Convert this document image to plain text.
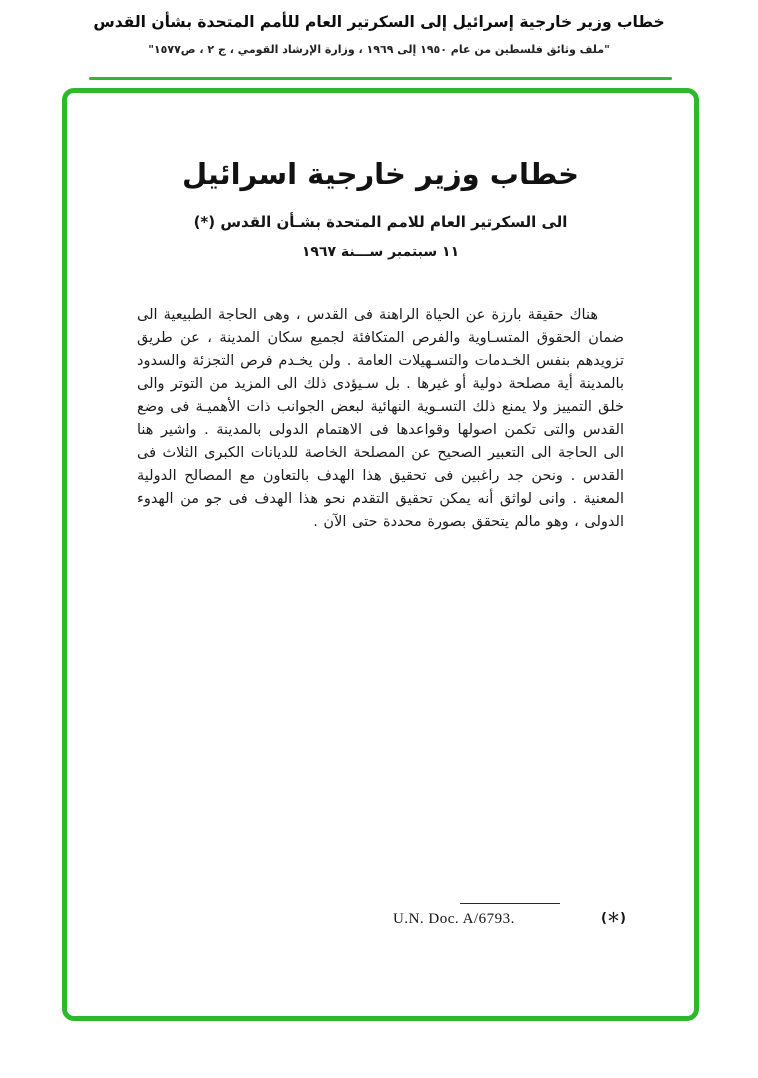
خطاب وزير خارجية إسرائيل إلى السكرتير العام للأمم المتحدة بشأن القدس
"ملف وثائق فلسطين من عام ١٩٥٠ إلى ١٩٦٩ ، وزارة الإرشاد القومي ، ج ٢ ، ص١٥٧٧"
خطاب وزير خارجية اسرائيل
الى السكرتير العام للامم المتحدة بشـأن القدس (*)
١١ سبتمبر ســـنة ١٩٦٧

هناك حقيقة بارزة عن الحياة الراهنة فى القدس ، وهى الحاجة الطبيعية الى ضمان الحقوق المتسـاوية والفرص المتكافئة لجميع سكان المدينة ، عن طريق تزويدهم بنفس الخـدمات والتسـهيلات العامة . ولن يخـدم فرص التجزئة والسدود بالمدينة أية مصلحة دولية أو غيرها . بل سـيؤدى ذلك الى المزيد من التوتر والى خلق التمييز ولا يمنع ذلك التسـوية النهائية لبعض الجوانب ذات الأهميـة فى وضع القدس والتى تكمن اصولها وقواعدها فى الاهتمام الدولى بالمدينة . واشير هنا الى الحاجة الى التعبير الصحيح عن المصلحة الخاصة للديانات الكبرى الثلاث فى القدس . ونحن جد راغبين فى تحقيق هذا الهدف بالتعاون مع المصالح الدولية المعنية . وانى لواثق أنه يمكن تحقيق التقدم نحو هذا الهدف فى جو من الهدوء الدولى ، وهو مالم يتحقق بصورة محددة حتى الآن .

U.N. Doc. A/6793.	(＊)
